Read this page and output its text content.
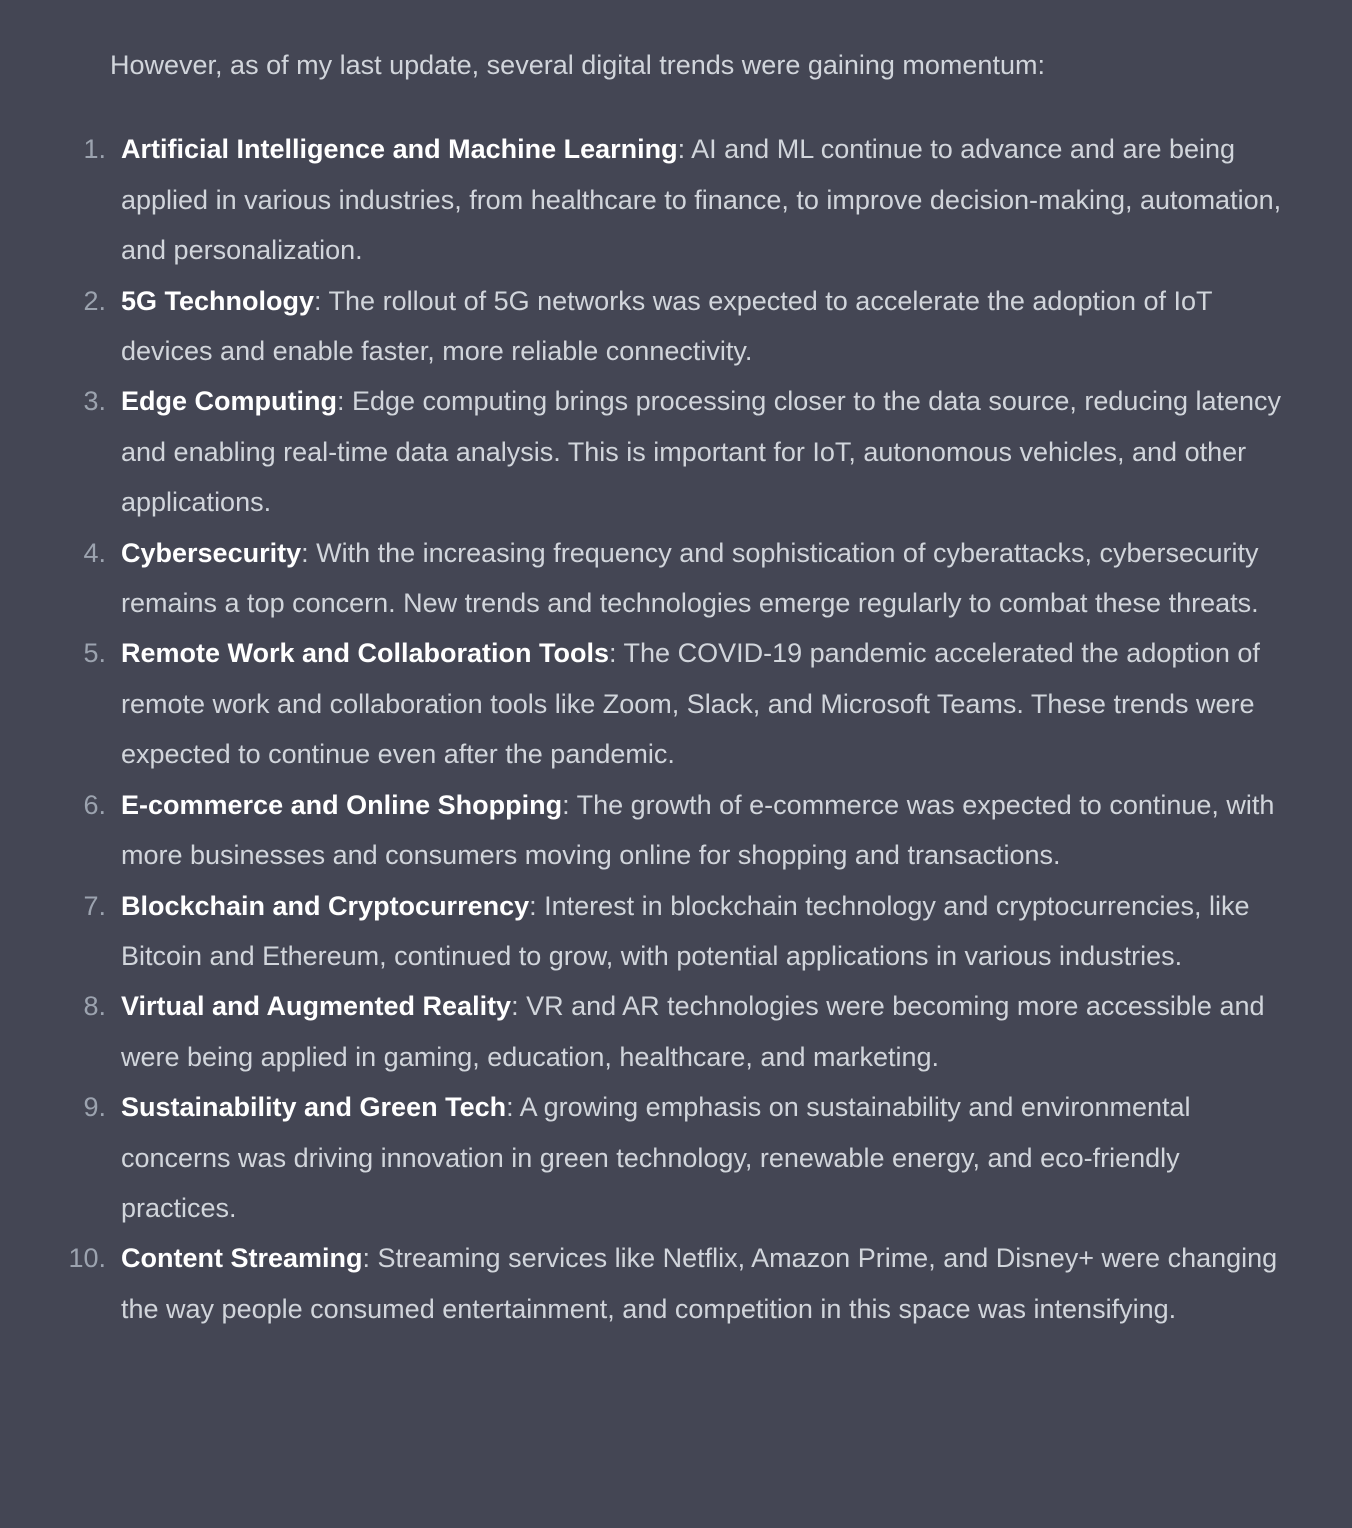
However, as of my last update, several digital trends were gaining momentum:

1. Artificial Intelligence and Machine Learning: AI and ML continue to advance and are being applied in various industries, from healthcare to finance, to improve decision-making, automation, and personalization.
2. 5G Technology: The rollout of 5G networks was expected to accelerate the adoption of IoT devices and enable faster, more reliable connectivity.
3. Edge Computing: Edge computing brings processing closer to the data source, reducing latency and enabling real-time data analysis. This is important for IoT, autonomous vehicles, and other applications.
4. Cybersecurity: With the increasing frequency and sophistication of cyberattacks, cybersecurity remains a top concern. New trends and technologies emerge regularly to combat these threats.
5. Remote Work and Collaboration Tools: The COVID-19 pandemic accelerated the adoption of remote work and collaboration tools like Zoom, Slack, and Microsoft Teams. These trends were expected to continue even after the pandemic.
6. E-commerce and Online Shopping: The growth of e-commerce was expected to continue, with more businesses and consumers moving online for shopping and transactions.
7. Blockchain and Cryptocurrency: Interest in blockchain technology and cryptocurrencies, like Bitcoin and Ethereum, continued to grow, with potential applications in various industries.
8. Virtual and Augmented Reality: VR and AR technologies were becoming more accessible and were being applied in gaming, education, healthcare, and marketing.
9. Sustainability and Green Tech: A growing emphasis on sustainability and environmental concerns was driving innovation in green technology, renewable energy, and eco-friendly practices.
10. Content Streaming: Streaming services like Netflix, Amazon Prime, and Disney+ were changing the way people consumed entertainment, and competition in this space was intensifying.
